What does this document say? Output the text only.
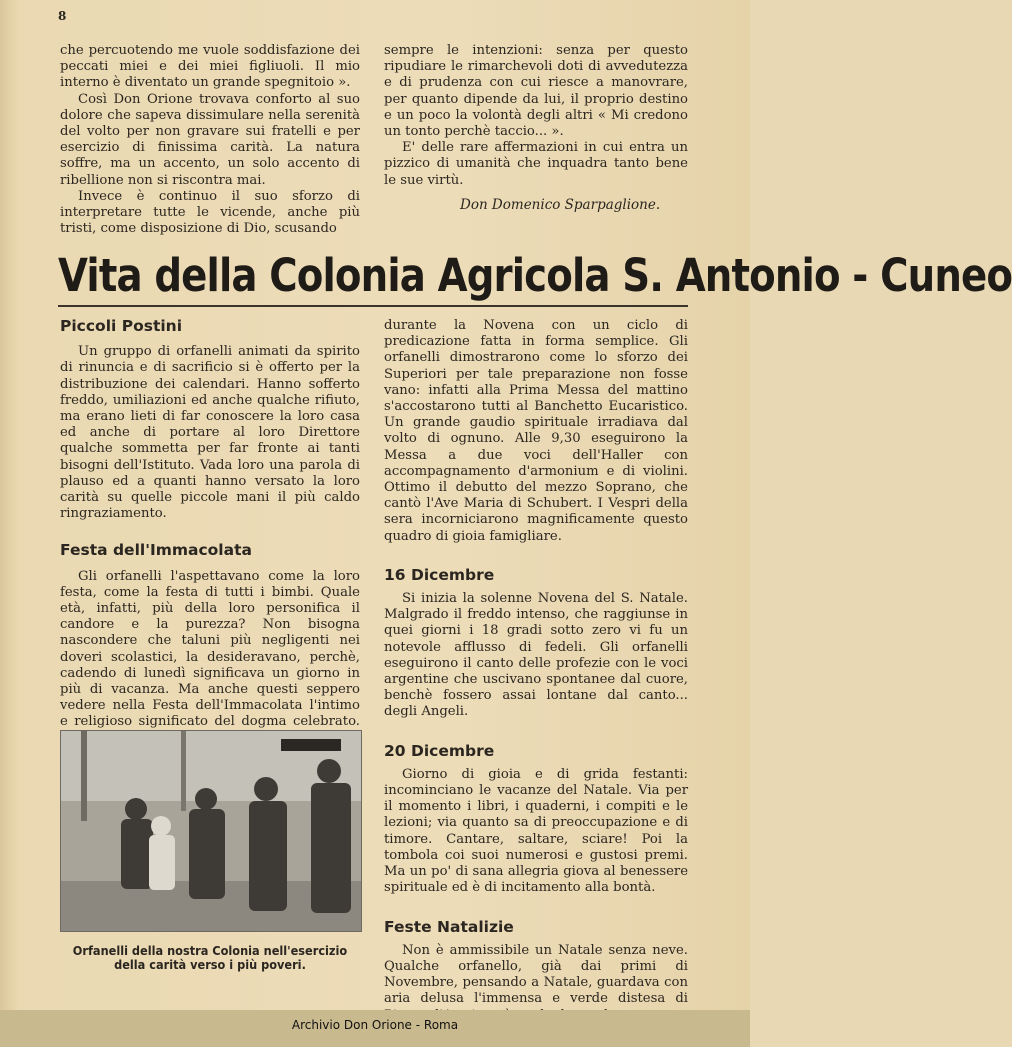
8

che percuotendo me vuole soddisfazione dei peccati miei e dei miei figliuoli. Il mio interno è diventato un grande spegnitoio ».

Così Don Orione trovava conforto al suo dolore che sapeva dissimulare nella serenità del volto per non gravare sui fratelli e per esercizio di finissima carità. La natura soffre, ma un accento, un solo accento di ribellione non si riscontra mai.

Invece è continuo il suo sforzo di interpretare tutte le vicende, anche più tristi, come disposizione di Dio, scusando

sempre le intenzioni: senza per questo ripudiare le rimarchevoli doti di avvedutezza e di prudenza con cui riesce a manovrare, per quanto dipende da lui, il proprio destino e un poco la volontà degli altri « Mi credono un tonto perchè taccio... ».

E' delle rare affermazioni in cui entra un pizzico di umanità che inquadra tanto bene le sue virtù.

Don Domenico Sparpaglione.
Vita della Colonia Agricola S. Antonio - Cuneo
Piccoli Postini

Un gruppo di orfanelli animati da spirito di rinuncia e di sacrificio si è offerto per la distribuzione dei calendari. Hanno sofferto freddo, umiliazioni ed anche qualche rifiuto, ma erano lieti di far conoscere la loro casa ed anche di portare al loro Direttore qualche sommetta per far fronte ai tanti bisogni dell'Istituto. Vada loro una parola di plauso ed a quanti hanno versato la loro carità su quelle piccole mani il più caldo ringraziamento.

Festa dell'Immacolata

Gli orfanelli l'aspettavano come la loro festa, come la festa di tutti i bimbi. Quale età, infatti, più della loro personifica il candore e la purezza? Non bisogna nascondere che taluni più negligenti nei doveri scolastici, la desideravano, perchè, cadendo di lunedì significava un giorno in più di vacanza. Ma anche questi seppero vedere nella Festa dell'Immacolata l'intimo e religioso significato del dogma celebrato.

Orfanelli della nostra Colonia nell'esercizio della carità verso i più poveri.

durante la Novena con un ciclo di predicazione fatta in forma semplice. Gli orfanelli dimostrarono come lo sforzo dei Superiori per tale preparazione non fosse vano: infatti alla Prima Messa del mattino s'accostarono tutti al Banchetto Eucaristico. Un grande gaudio spirituale irradiava dal volto di ognuno. Alle 9,30 eseguirono la Messa a due voci dell'Haller con accompagnamento d'armonium e di violini. Ottimo il debutto del mezzo Soprano, che cantò l'Ave Maria di Schubert. I Vespri della sera incorniciarono magnificamente questo quadro di gioia famigliare.

16 Dicembre

Si inizia la solenne Novena del S. Natale. Malgrado il freddo intenso, che raggiunse in quei giorni i 18 gradi sotto zero vi fu un notevole afflusso di fedeli. Gli orfanelli eseguirono il canto delle profezie con le voci argentine che uscivano spontanee dal cuore, benchè fossero assai lontane dal canto... degli Angeli.

20 Dicembre

Giorno di gioia e di grida festanti: incominciano le vacanze del Natale. Via per il momento i libri, i quaderni, i compiti e le lezioni; via quanto sa di preoccupazione e di timore. Cantare, saltare, sciare! Poi la tombola coi suoi numerosi e gustosi premi. Ma un po' di sana allegria giova al benessere spirituale ed è di incitamento alla bontà.

Feste Natalizie

Non è ammissibile un Natale senza neve. Qualche orfanello, già dai primi di Novembre, pensando a Natale, guardava con aria delusa l'immensa e verde distesa di

Archivio Don Orione - Roma
